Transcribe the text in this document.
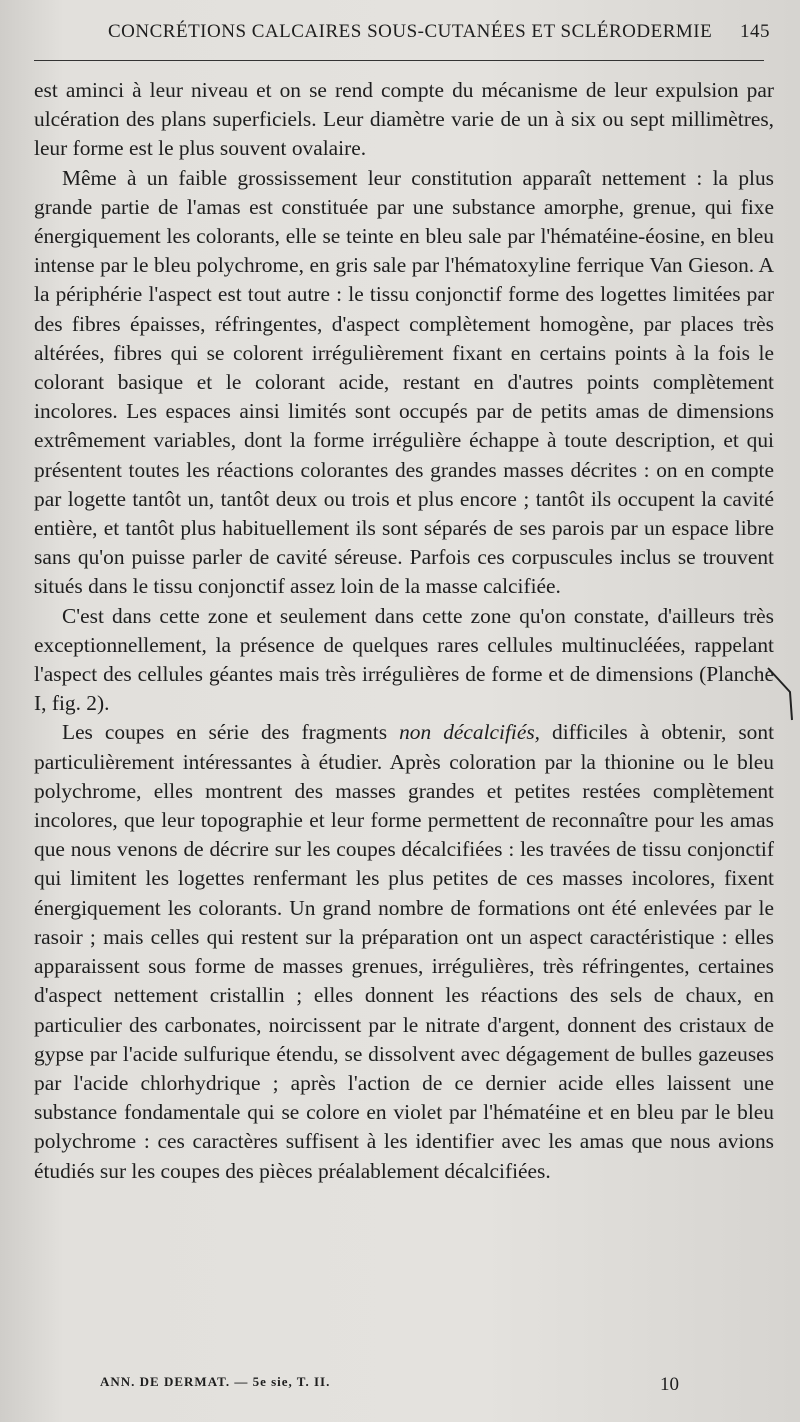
CONCRÉTIONS CALCAIRES SOUS-CUTANÉES ET SCLÉRODERMIE 145

est aminci à leur niveau et on se rend compte du mécanisme de leur expulsion par ulcération des plans superficiels. Leur diamètre varie de un à six ou sept millimètres, leur forme est le plus souvent ovalaire.

Même à un faible grossissement leur constitution apparaît nettement : la plus grande partie de l'amas est constituée par une substance amorphe, grenue, qui fixe énergiquement les colorants, elle se teinte en bleu sale par l'hématéine-éosine, en bleu intense par le bleu polychrome, en gris sale par l'hématoxyline ferrique Van Gieson. A la périphérie l'aspect est tout autre : le tissu conjonctif forme des logettes limitées par des fibres épaisses, réfringentes, d'aspect complètement homogène, par places très altérées, fibres qui se colorent irrégulièrement fixant en certains points à la fois le colorant basique et le colorant acide, restant en d'autres points complètement incolores. Les espaces ainsi limités sont occupés par de petits amas de dimensions extrêmement variables, dont la forme irrégulière échappe à toute description, et qui présentent toutes les réactions colorantes des grandes masses décrites : on en compte par logette tantôt un, tantôt deux ou trois et plus encore ; tantôt ils occupent la cavité entière, et tantôt plus habituellement ils sont séparés de ses parois par un espace libre sans qu'on puisse parler de cavité séreuse. Parfois ces corpuscules inclus se trouvent situés dans le tissu conjonctif assez loin de la masse calcifiée.

C'est dans cette zone et seulement dans cette zone qu'on constate, d'ailleurs très exceptionnellement, la présence de quelques rares cellules multinucléées, rappelant l'aspect des cellules géantes mais très irrégulières de forme et de dimensions (Planche I, fig. 2).

Les coupes en série des fragments non décalcifiés, difficiles à obtenir, sont particulièrement intéressantes à étudier. Après coloration par la thionine ou le bleu polychrome, elles montrent des masses grandes et petites restées complètement incolores, que leur topographie et leur forme permettent de reconnaître pour les amas que nous venons de décrire sur les coupes décalcifiées : les travées de tissu conjonctif qui limitent les logettes renfermant les plus petites de ces masses incolores, fixent énergiquement les colorants. Un grand nombre de formations ont été enlevées par le rasoir ; mais celles qui restent sur la préparation ont un aspect caractéristique : elles apparaissent sous forme de masses grenues, irrégulières, très réfringentes, certaines d'aspect nettement cristallin ; elles donnent les réactions des sels de chaux, en particulier des carbonates, noircissent par le nitrate d'argent, donnent des cristaux de gypse par l'acide sulfurique étendu, se dissolvent avec dégagement de bulles gazeuses par l'acide chlorhydrique ; après l'action de ce dernier acide elles laissent une substance fondamentale qui se colore en violet par l'hématéine et en bleu par le bleu polychrome : ces caractères suffisent à les identifier avec les amas que nous avions étudiés sur les coupes des pièces préalablement décalcifiées.

ANN. DE DERMAT. — 5e sie, T. II.	10
